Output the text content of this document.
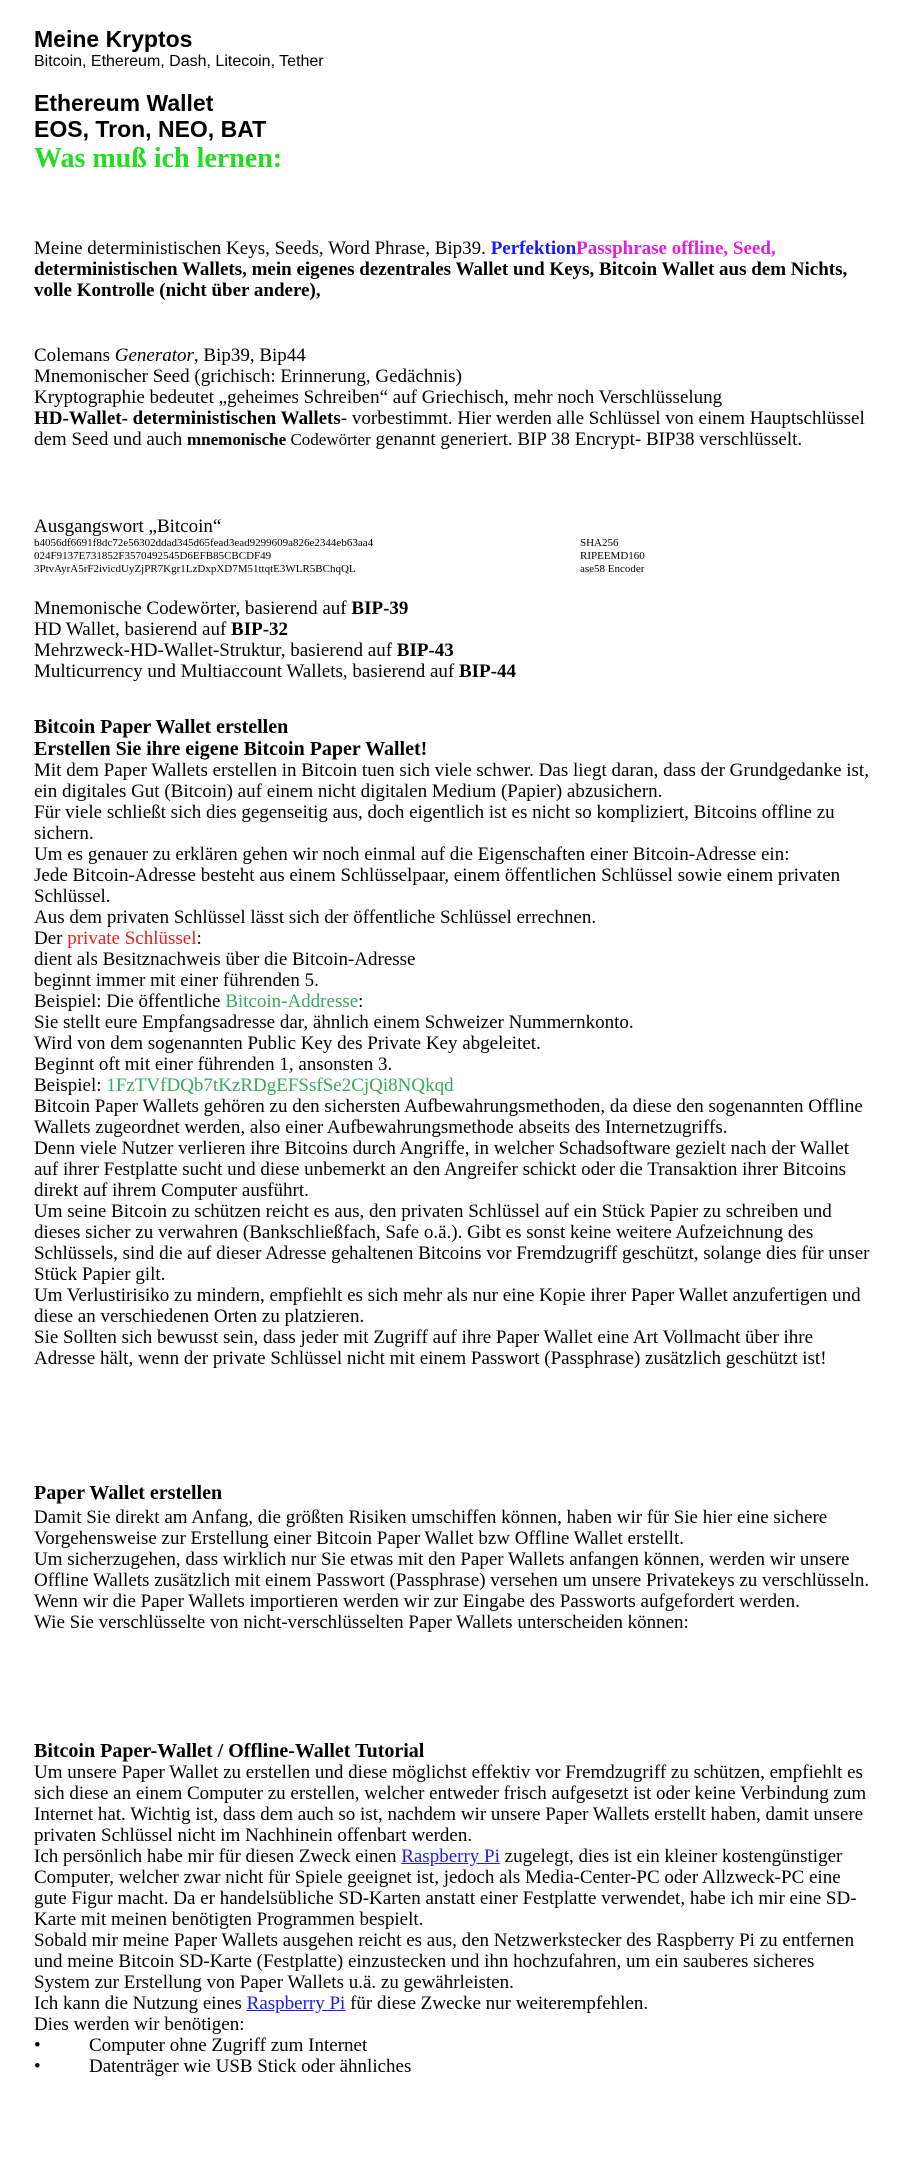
Meine Kryptos

Bitcoin, Ethereum, Dash, Litecoin, Tether

Ethereum Wallet

EOS, Tron, NEO, BAT

Was muß ich lernen:

Meine deterministischen Keys, Seeds, Word Phrase, Bip39. PerfektionPassphrase offline, Seed, deterministischen Wallets, mein eigenes dezentrales Wallet und Keys, Bitcoin Wallet aus dem Nichts, volle Kontrolle (nicht über andere),

Colemans Generator, Bip39, Bip44

Mnemonischer Seed (grichisch: Erinnerung, Gedächnis)

Kryptographie bedeutet „geheimes Schreiben“ auf Griechisch, mehr noch Verschlüsselung

HD-Wallet- deterministischen Wallets- vorbestimmt. Hier werden alle Schlüssel von einem Hauptschlüssel dem Seed und auch mnemonische Codewörter genannt generiert. BIP 38 Encrypt- BIP38 verschlüsselt.

Ausgangswort „Bitcoin“

b4056df6691f8dc72e56302ddad345d65fead3ead9299609a826e2344eb63aa4	SHA256
024F9137E731852F3570492545D6EFB85CBCDF49	RIPEEMD160
3PtvAyrA5rF2ivicdUyZjPR7Kgr1LzDxpXD7M51ttqtE3WLR5BChqQL	ase58 Encoder

Mnemonische Codewörter, basierend auf BIP-39

HD Wallet, basierend auf BIP-32

Mehrzweck-HD-Wallet-Struktur, basierend auf BIP-43

Multicurrency und Multiaccount Wallets, basierend auf BIP-44

Bitcoin Paper Wallet erstellen

Erstellen Sie ihre eigene Bitcoin Paper Wallet!

Mit dem Paper Wallets erstellen in Bitcoin tuen sich viele schwer. Das liegt daran, dass der Grundgedanke ist, ein digitales Gut (Bitcoin) auf einem nicht digitalen Medium (Papier) abzusichern.

Für viele schließt sich dies gegenseitig aus, doch eigentlich ist es nicht so kompliziert, Bitcoins offline zu sichern.

Um es genauer zu erklären gehen wir noch einmal auf die Eigenschaften einer Bitcoin-Adresse ein:

Jede Bitcoin-Adresse besteht aus einem Schlüsselpaar, einem öffentlichen Schlüssel sowie einem privaten Schlüssel.

Aus dem privaten Schlüssel lässt sich der öffentliche Schlüssel errechnen.

Der private Schlüssel:

dient als Besitznachweis über die Bitcoin-Adresse

beginnt immer mit einer führenden 5.

Beispiel: Die öffentliche Bitcoin-Addresse:

Sie stellt eure Empfangsadresse dar, ähnlich einem Schweizer Nummernkonto.

Wird von dem sogenannten Public Key des Private Key abgeleitet.

Beginnt oft mit einer führenden 1, ansonsten 3.

Beispiel: 1FzTVfDQb7tKzRDgEFSsfSe2CjQi8NQkqd

Bitcoin Paper Wallets gehören zu den sichersten Aufbewahrungsmethoden, da diese den sogenannten Offline Wallets zugeordnet werden, also einer Aufbewahrungsmethode abseits des Internetzugriffs.

Denn viele Nutzer verlieren ihre Bitcoins durch Angriffe, in welcher Schadsoftware gezielt nach der Wallet auf ihrer Festplatte sucht und diese unbemerkt an den Angreifer schickt oder die Transaktion ihrer Bitcoins direkt auf ihrem Computer ausführt.

Um seine Bitcoin zu schützen reicht es aus, den privaten Schlüssel auf ein Stück Papier zu schreiben und dieses sicher zu verwahren (Bankschließfach, Safe o.ä.). Gibt es sonst keine weitere Aufzeichnung des Schlüssels, sind die auf dieser Adresse gehaltenen Bitcoins vor Fremdzugriff geschützt, solange dies für unser Stück Papier gilt.

Um Verlustirisiko zu mindern, empfiehlt es sich mehr als nur eine Kopie ihrer Paper Wallet anzufertigen und diese an verschiedenen Orten zu platzieren.

Sie Sollten sich bewusst sein, dass jeder mit Zugriff auf ihre Paper Wallet eine Art Vollmacht über ihre Adresse hält, wenn der private Schlüssel nicht mit einem Passwort (Passphrase) zusätzlich geschützt ist!

Paper Wallet erstellen

Damit Sie direkt am Anfang, die größten Risiken umschiffen können, haben wir für Sie hier eine sichere Vorgehensweise zur Erstellung einer Bitcoin Paper Wallet bzw Offline Wallet erstellt.

Um sicherzugehen, dass wirklich nur Sie etwas mit den Paper Wallets anfangen können, werden wir unsere Offline Wallets zusätzlich mit einem Passwort (Passphrase) versehen um unsere Privatekeys zu verschlüsseln.

Wenn wir die Paper Wallets importieren werden wir zur Eingabe des Passworts aufgefordert werden.

Wie Sie verschlüsselte von nicht-verschlüsselten Paper Wallets unterscheiden können:

Bitcoin Paper-Wallet / Offline-Wallet Tutorial

Um unsere Paper Wallet zu erstellen und diese möglichst effektiv vor Fremdzugriff zu schützen, empfiehlt es sich diese an einem Computer zu erstellen, welcher entweder frisch aufgesetzt ist oder keine Verbindung zum Internet hat. Wichtig ist, dass dem auch so ist, nachdem wir unsere Paper Wallets erstellt haben, damit unsere privaten Schlüssel nicht im Nachhinein offenbart werden.

Ich persönlich habe mir für diesen Zweck einen Raspberry Pi zugelegt, dies ist ein kleiner kostengünstiger Computer, welcher zwar nicht für Spiele geeignet ist, jedoch als Media-Center-PC oder Allzweck-PC eine gute Figur macht. Da er handelsübliche SD-Karten anstatt einer Festplatte verwendet, habe ich mir eine SD-Karte mit meinen benötigten Programmen bespielt.

Sobald mir meine Paper Wallets ausgehen reicht es aus, den Netzwerkstecker des Raspberry Pi zu entfernen und meine Bitcoin SD-Karte (Festplatte) einzustecken und ihn hochzufahren, um ein sauberes sicheres System zur Erstellung von Paper Wallets u.ä. zu gewährleisten.

Ich kann die Nutzung eines Raspberry Pi für diese Zwecke nur weiterempfehlen.

Dies werden wir benötigen:

•	Computer ohne Zugriff zum Internet
•	Datenträger wie USB Stick oder ähnliches
